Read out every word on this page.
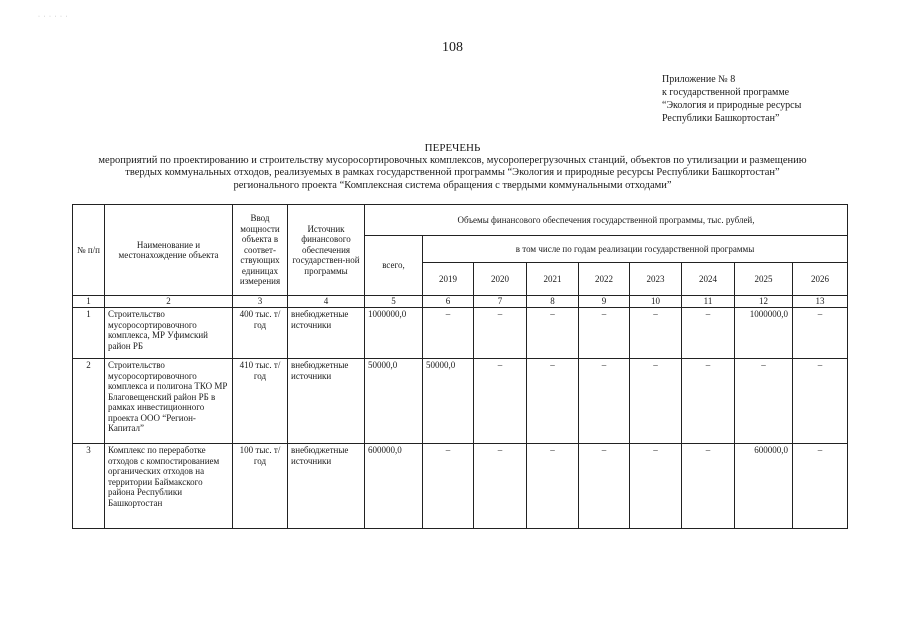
· · · · · ·
108
Приложение № 8
к государственной программе
“Экология и природные ресурсы
Республики Башкортостан”
ПЕРЕЧЕНЬ
мероприятий по проектированию и строительству мусоросортировочных комплексов, мусороперегрузочных станций, объектов по утилизации и размещению
твердых коммунальных отходов, реализуемых в рамках государственной программы “Экология и природные ресурсы Республики Башкортостан”
регионального проекта “Комплексная система обращения с твердыми коммунальными отходами”
№ п/п	Наименование и местонахождение объекта	Ввод мощности объекта в соответ-ствующих единицах измерения	Источник финансового обеспечения государствен-ной программы	Объемы финансового обеспечения государственной программы, тыс. рублей,								
				всего,	в том числе по годам реализации государственной программы							
					2019	2020	2021	2022	2023	2024	2025	2026
1	2	3	4	5	6	7	8	9	10	11	12	13
1	Строительство мусоросортировочного комплекса, МР Уфимский район РБ	400 тыс. т/год	внебюджетные источники	1000000,0	–	–	–	–	–	–	1000000,0	–
2	Строительство мусоросортировочного комплекса и полигона ТКО МР Благовещенский район РБ в рамках инвестиционного проекта ООО “Регион-Капитал”	410 тыс. т/год	внебюджетные источники	50000,0	50000,0	–	–	–	–	–	–	–
3	Комплекс по переработке отходов с компостированием органических отходов на территории Баймакского района Республики Башкортостан	100 тыс. т/год	внебюджетные источники	600000,0	–	–	–	–	–	–	600000,0	–
